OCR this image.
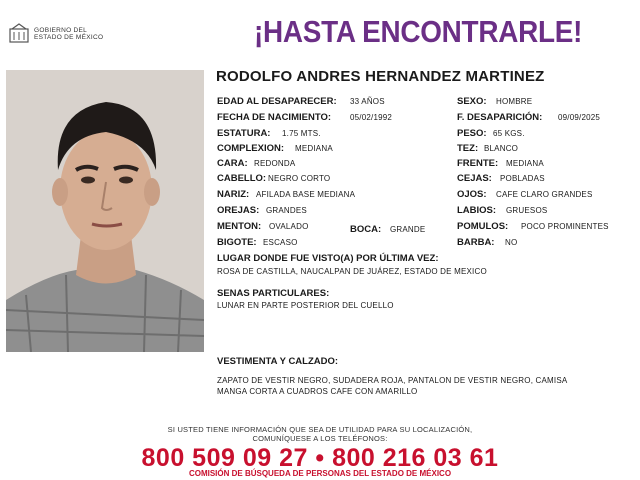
GOBIERNO DEL
ESTADO DE MÉXICO	¡HASTA ENCONTRARLE!
RODOLFO ANDRES HERNANDEZ MARTINEZ
EDAD AL DESAPARECER: 33 AÑOS
FECHA DE NACIMIENTO: 05/02/1992
ESTATURA: 1.75 MTS.
COMPLEXION: MEDIANA
CARA: REDONDA
CABELLO: NEGRO CORTO
NARIZ: AFILADA BASE MEDIANA
OREJAS: GRANDES
MENTON: OVALADO	BOCA: GRANDE
BIGOTE: ESCASO
SEXO: HOMBRE
F. DESAPARICIÓN: 09/09/2025
PESO: 65 KGS.
TEZ: BLANCO
FRENTE: MEDIANA
CEJAS: POBLADAS
OJOS: CAFE CLARO GRANDES
LABIOS: GRUESOS
POMULOS: POCO PROMINENTES
BARBA: NO
LUGAR DONDE FUE VISTO(A) POR ÚLTIMA VEZ:
ROSA DE CASTILLA, NAUCALPAN DE JUÁREZ, ESTADO DE MEXICO
SENAS PARTICULARES:
LUNAR EN PARTE POSTERIOR DEL CUELLO
VESTIMENTA Y CALZADO:
ZAPATO DE VESTIR NEGRO, SUDADERA ROJA, PANTALON DE VESTIR NEGRO, CAMISA
MANGA CORTA A CUADROS CAFE CON AMARILLO
SI USTED TIENE INFORMACIÓN QUE SEA DE UTILIDAD PARA SU LOCALIZACIÓN,
COMUNÍQUESE A LOS TELÉFONOS:
800 509 09 27 • 800 216 03 61
COMISIÓN DE BÚSQUEDA DE PERSONAS DEL ESTADO DE MÉXICO
